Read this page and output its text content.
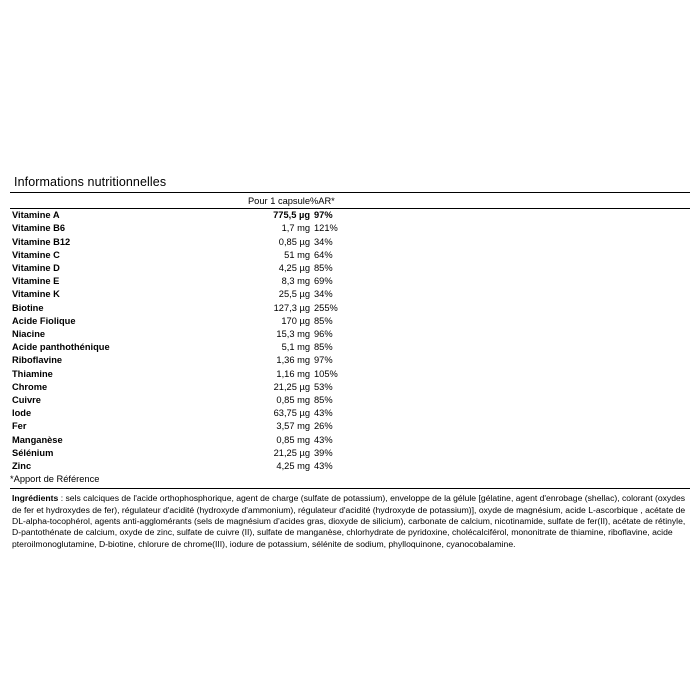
Informations nutritionnelles
	Pour 1 capsule	%AR*	
Vitamine A	775,5 µg	97%	
Vitamine B6	1,7 mg	121%	
Vitamine B12	0,85 µg	34%	
Vitamine C	51 mg	64%	
Vitamine D	4,25 µg	85%	
Vitamine E	8,3 mg	69%	
Vitamine K	25,5 µg	34%	
Biotine	127,3 µg	255%	
Acide Fiolique	170 µg	85%	
Niacine	15,3 mg	96%	
Acide panthothénique	5,1 mg	85%	
Riboflavine	1,36 mg	97%	
Thiamine	1,16 mg	105%	
Chrome	21,25 µg	53%	
Cuivre	0,85 mg	85%	
Iode	63,75 µg	43%	
Fer	3,57 mg	26%	
Manganèse	0,85 mg	43%	
Sélénium	21,25 µg	39%	
Zinc	4,25 mg	43%	
*Apport de Référence			
Ingrédients : sels calciques de l'acide orthophosphorique, agent de charge (sulfate de potassium), enveloppe de la gélule [gélatine, agent d'enrobage (shellac), colorant (oxydes de fer et hydroxydes de fer), régulateur d'acidité (hydroxyde d'ammonium), régulateur d'acidité (hydroxyde de potassium)], oxyde de magnésium, acide L-ascorbique , acétate de DL-alpha-tocophérol, agents anti-agglomérants (sels de magnésium d'acides gras, dioxyde de silicium), carbonate de calcium, nicotinamide, sulfate de fer(II), acétate de rétinyle, D-pantothénate de calcium, oxyde de zinc, sulfate de cuivre (II), sulfate de manganèse, chlorhydrate de pyridoxine, cholécalciférol, mononitrate de thiamine, riboflavine, acide pteroilmonoglutamine, D-biotine, chlorure de chrome(III), iodure de potassium, sélénite de sodium, phylloquinone, cyanocobalamine.
